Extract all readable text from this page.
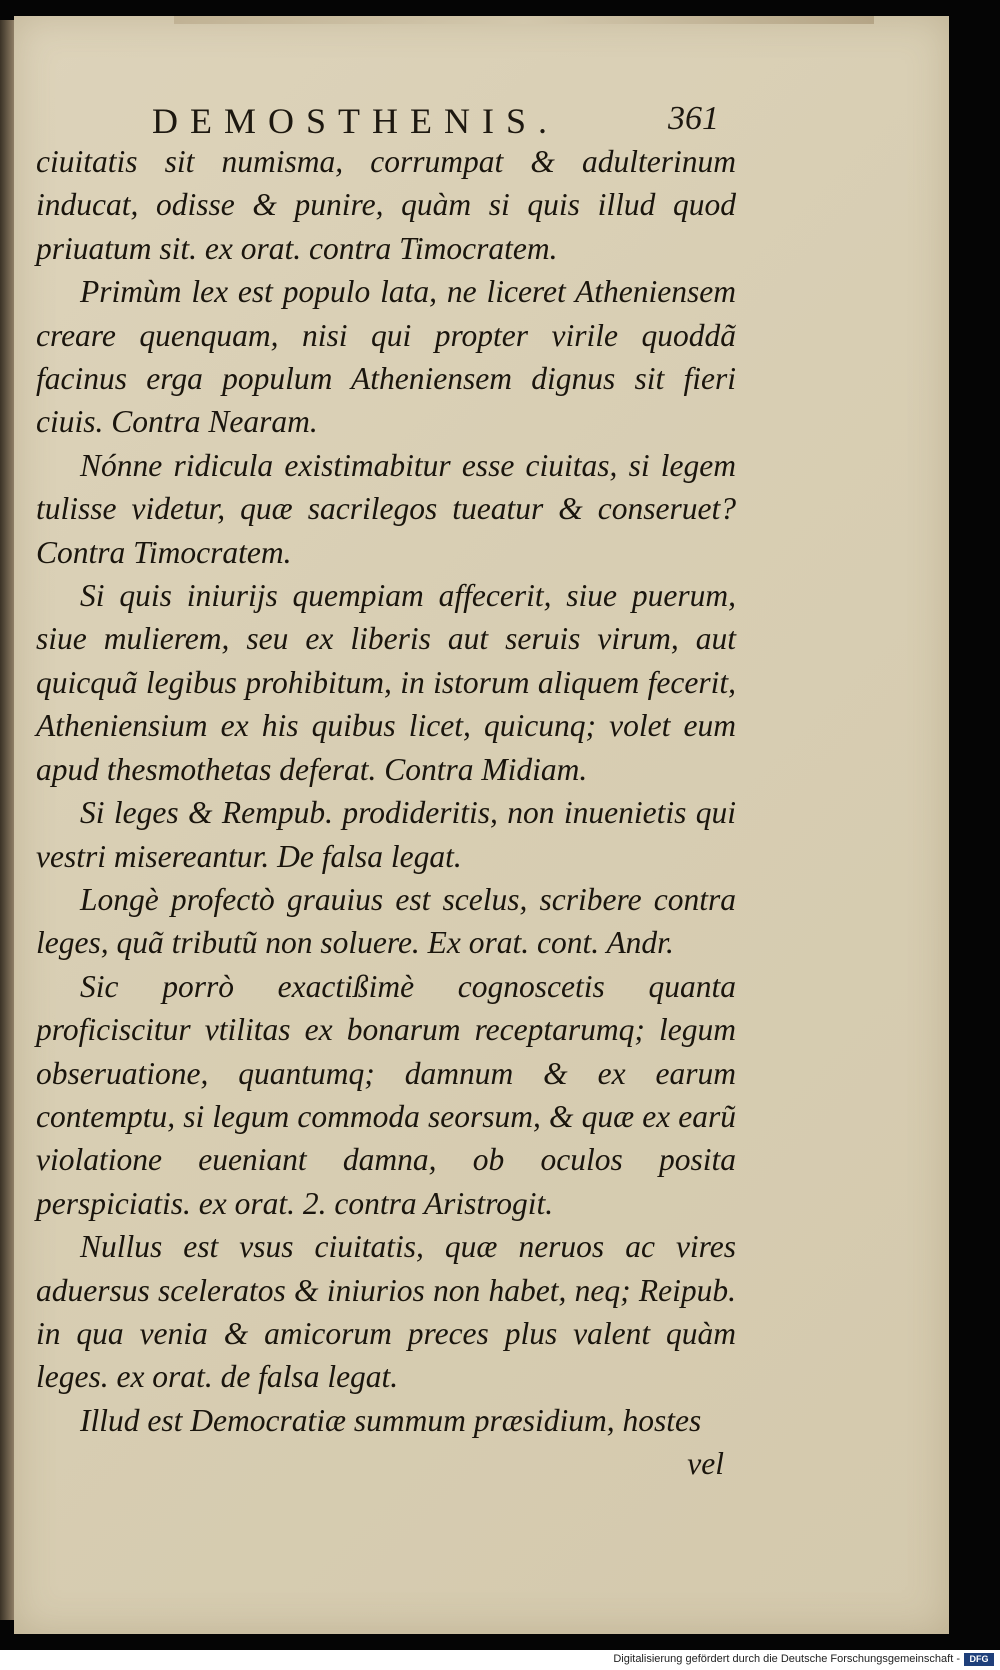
DEMOSTHENIS.	361

ciuitatis sit numisma, corrumpat & adulterinum inducat, odisse & punire, quàm si quis illud quod priuatum sit. ex orat. contra Timocratem.

Primùm lex est populo lata, ne liceret Atheniensem creare quenquam, nisi qui propter virile quoddã facinus erga populum Atheniensem dignus sit fieri ciuis. Contra Nearam.

Nónne ridicula existimabitur esse ciuitas, si legem tulisse videtur, quæ sacrilegos tueatur & conseruet? Contra Timocratem.

Si quis iniurijs quempiam affecerit, siue puerum, siue mulierem, seu ex liberis aut seruis virum, aut quicquã legibus prohibitum, in istorum aliquem fecerit, Atheniensium ex his quibus licet, quicunq; volet eum apud thesmothetas deferat. Contra Midiam.

Si leges & Rempub. prodideritis, non inuenietis qui vestri misereantur. De falsa legat.

Longè profectò grauius est scelus, scribere contra leges, quã tributũ non soluere. Ex orat. cont. Andr.

Sic porrò exactißimè cognoscetis quanta proficiscitur vtilitas ex bonarum receptarumq; legum obseruatione, quantumq; damnum & ex earum contemptu, si legum commoda seorsum, & quæ ex earũ violatione eueniant damna, ob oculos posita perspiciatis. ex orat. 2. contra Aristrogit.

Nullus est vsus ciuitatis, quæ neruos ac vires aduersus sceleratos & iniurios non habet, neq; Reipub. in qua venia & amicorum preces plus valent quàm leges. ex orat. de falsa legat.

Illud est Democratiæ summum præsidium, hostes

vel

Digitalisierung gefördert durch die Deutsche Forschungsgemeinschaft -	DFG
